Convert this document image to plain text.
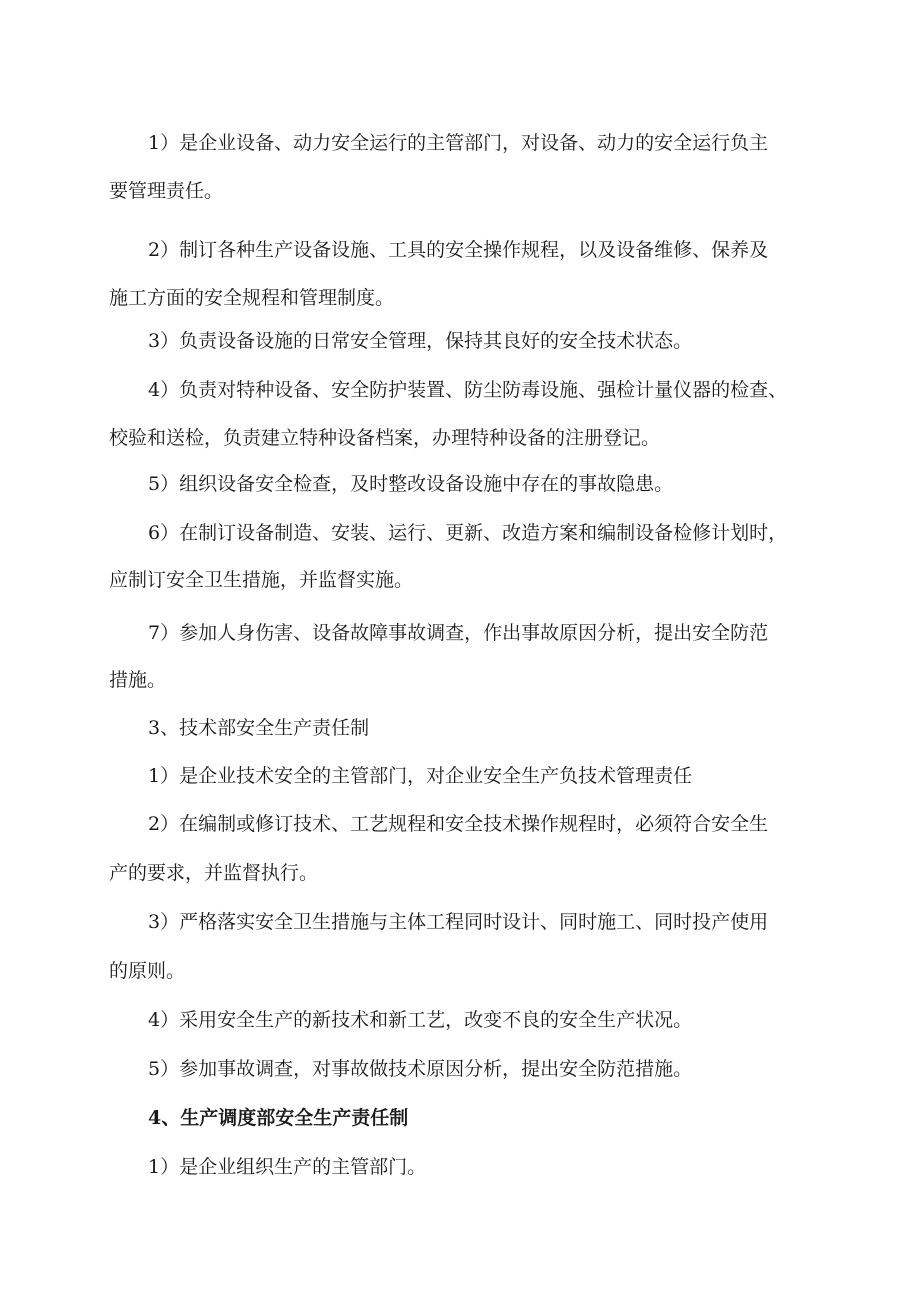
1）是企业设备、动力安全运行的主管部门，对设备、动力的安全运行负主
要管理责任。
2）制订各种生产设备设施、工具的安全操作规程，以及设备维修、保养及
施工方面的安全规程和管理制度。
3）负责设备设施的日常安全管理，保持其良好的安全技术状态。
4）负责对特种设备、安全防护装置、防尘防毒设施、强检计量仪器的检查、
校验和送检，负责建立特种设备档案，办理特种设备的注册登记。
5）组织设备安全检查，及时整改设备设施中存在的事故隐患。
6）在制订设备制造、安装、运行、更新、改造方案和编制设备检修计划时，
应制订安全卫生措施，并监督实施。
7）参加人身伤害、设备故障事故调查，作出事故原因分析，提出安全防范
措施。
3、技术部安全生产责任制
1）是企业技术安全的主管部门，对企业安全生产负技术管理责任
2）在编制或修订技术、工艺规程和安全技术操作规程时，必须符合安全生
产的要求，并监督执行。
3）严格落实安全卫生措施与主体工程同时设计、同时施工、同时投产使用
的原则。
4）采用安全生产的新技术和新工艺，改变不良的安全生产状况。
5）参加事故调查，对事故做技术原因分析，提出安全防范措施。
4、生产调度部安全生产责任制
1）是企业组织生产的主管部门。
